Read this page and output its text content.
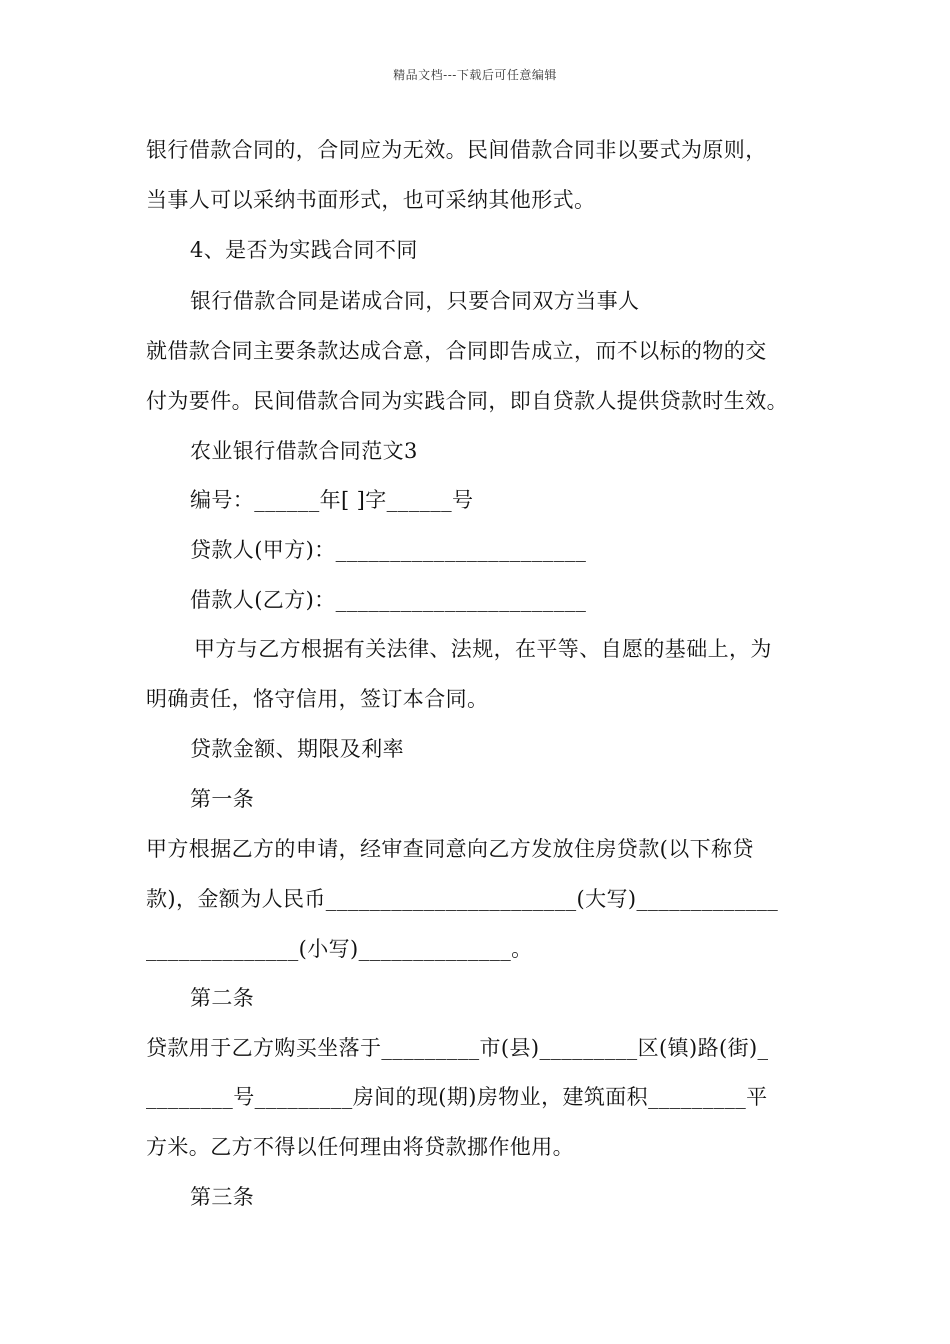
精品文档---下载后可任意编辑
银行借款合同的，合同应为无效。民间借款合同非以要式为原则，
当事人可以采纳书面形式，也可采纳其他形式。
4、是否为实践合同不同
银行借款合同是诺成合同，只要合同双方当事人
就借款合同主要条款达成合意，合同即告成立，而不以标的物的交
付为要件。民间借款合同为实践合同，即自贷款人提供贷款时生效。
农业银行借款合同范文3
编号：______年[ ]字______号
贷款人(甲方)：_______________________
借款人(乙方)：_______________________
甲方与乙方根据有关法律、法规，在平等、自愿的基础上，为
明确责任，恪守信用，签订本合同。
贷款金额、期限及利率
第一条
甲方根据乙方的申请，经审查同意向乙方发放住房贷款(以下称贷
款)，金额为人民币_______________________(大写)_____________
______________(小写)______________。
第二条
贷款用于乙方购买坐落于_________市(县)_________区(镇)路(街)_
________号_________房间的现(期)房物业，建筑面积_________平
方米。乙方不得以任何理由将贷款挪作他用。
第三条
